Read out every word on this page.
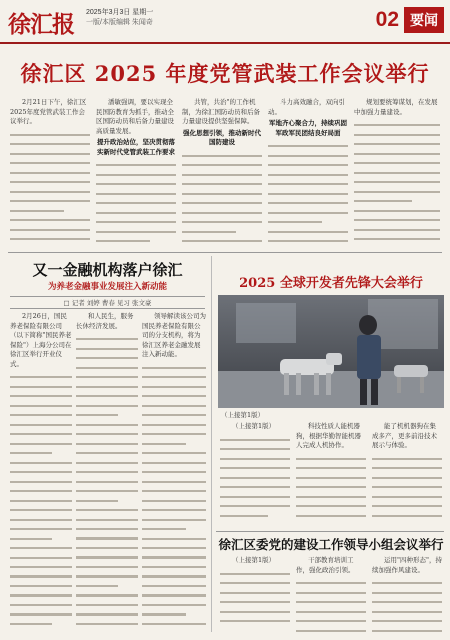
徐汇报 2025年3月3日 星期一
一版/本版编辑 朱闻奇	02 要闻
徐汇区 2025 年度党管武装工作会议举行
2月21日下午，徐汇区2025年度党管武装工作会议举行。
潘敏强调，要以实现全民国防教育为抓手，推动全区国防动员和后备力量建设高质量发展。
提升政治站位，坚决贯彻落实新时代党管武装工作要求
共管，共治"的工作机制，为徐汇国防动员和后备力量建设提供坚强保障。
强化思想引领，推动新时代国防建设
斗力高效融合，双向引动。
军地齐心聚合力，持续巩固军政军民团结良好局面
规划要统筹谋划，在发展中加强力量建设。
又一金融机构落户徐汇
为养老金融事业发展注入新动能
□ 记者 刘婷 曹春 见习 张文豪
2月26日，国民养老保险有限公司（以下简称"国民养老保险"）上海分公司在徐汇区举行开业仪式。
和人民生，服务长休经济发展。
领导解读该公司为国民养老保险有限公司的分支机构，将为徐汇区养老金融发展注入新动能。
2025 全球开发者先锋大会举行
（上接第1版）
（上接第1版）	科技性质人能机器狗，根据华勤智能机器人完成人机协作。
能了机机器狗在集成多产，更多前沿技术展示与体验。
徐汇区委党的建设工作领导小组会议举行
（上接第1版）	干部教育培训工作，强化政治引领。
运用"四种形态"，持续加强作风建设。
